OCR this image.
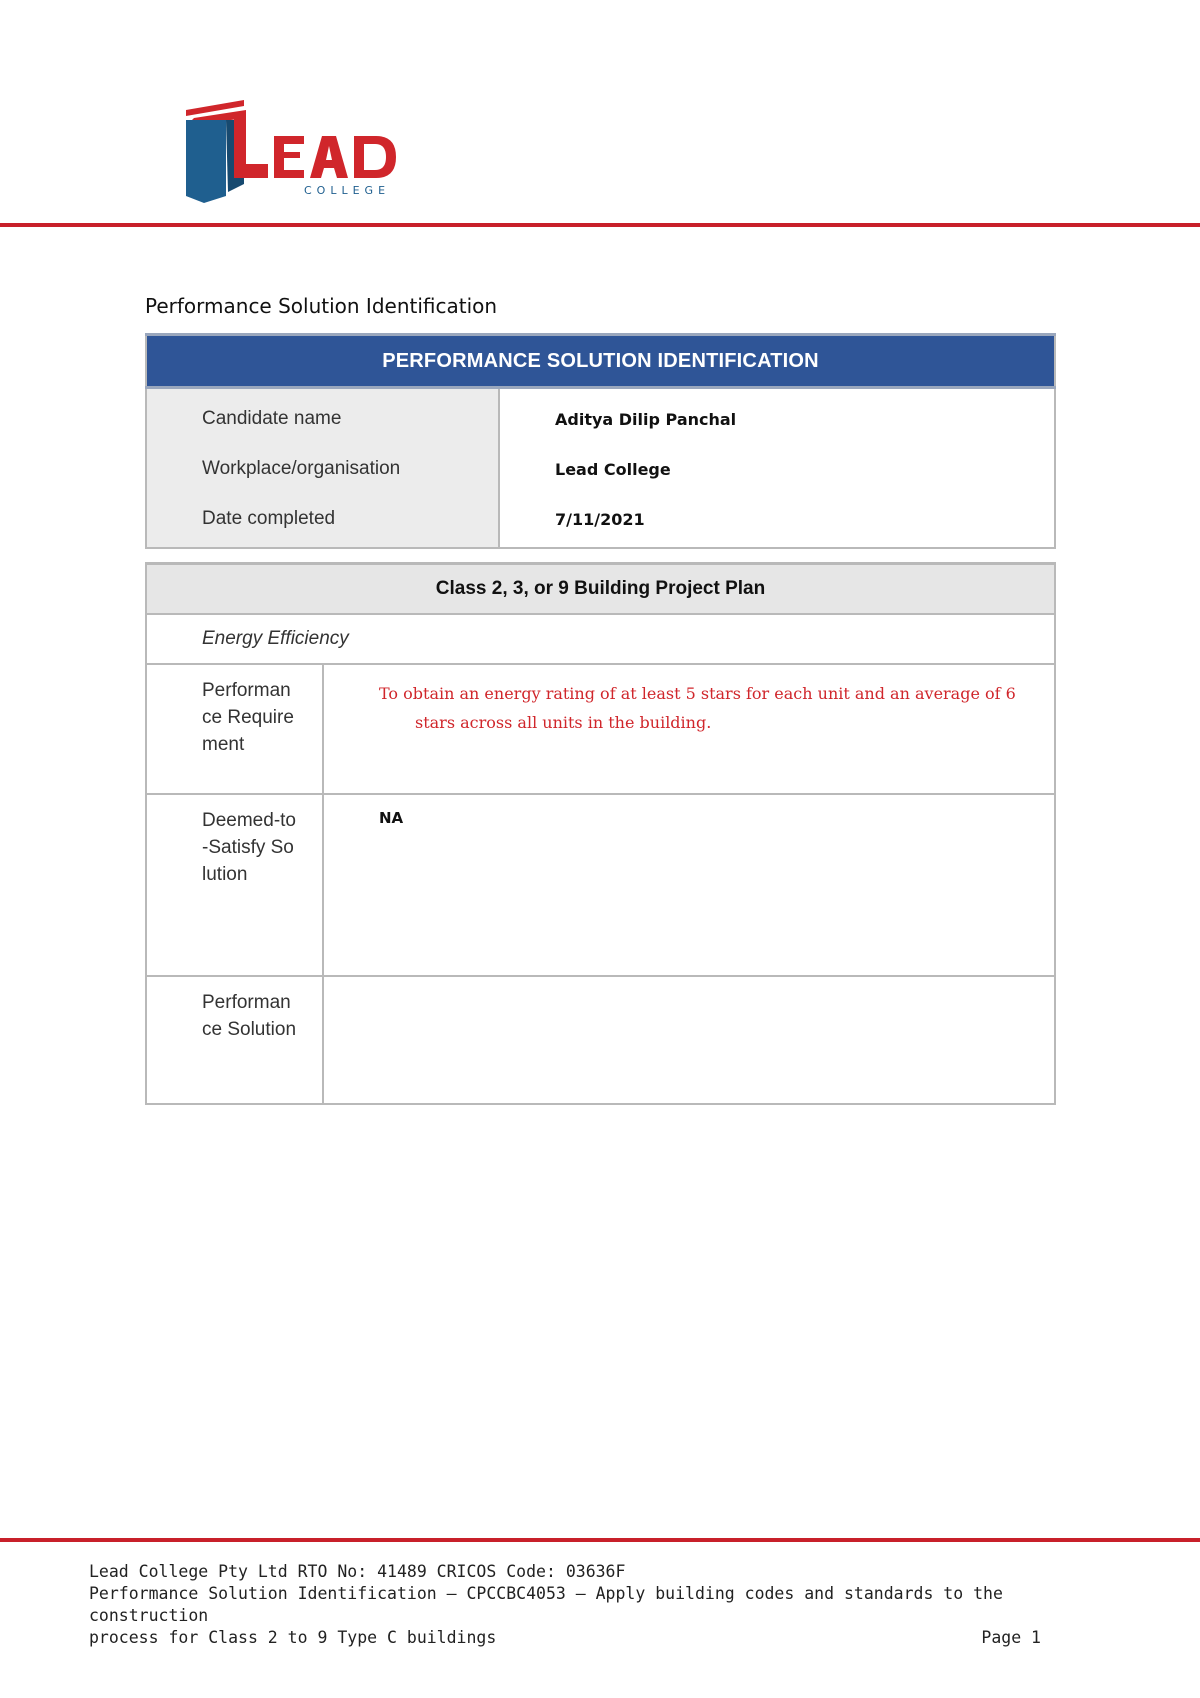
COLLEGE
Performance Solution Identification
PERFORMANCE SOLUTION IDENTIFICATION	
Candidate name	Aditya Dilip Panchal
Workplace/organisation	Lead College
Date completed	7/11/2021
Class 2, 3, or 9 Building Project Plan	
Energy Efficiency	

Performance Requirement	To obtain an energy rating of at least 5 stars for each unit and an average of 6
stars across all units in the building.

Deemed-to-Satisfy Solution	NA

Performance Solution	

Lead College Pty Ltd RTO No: 41489 CRICOS Code: 03636F
Performance Solution Identification – CPCCBC4053 – Apply building codes and standards to the construction
process for Class 2 to 9 Type C buildings	Page 1
